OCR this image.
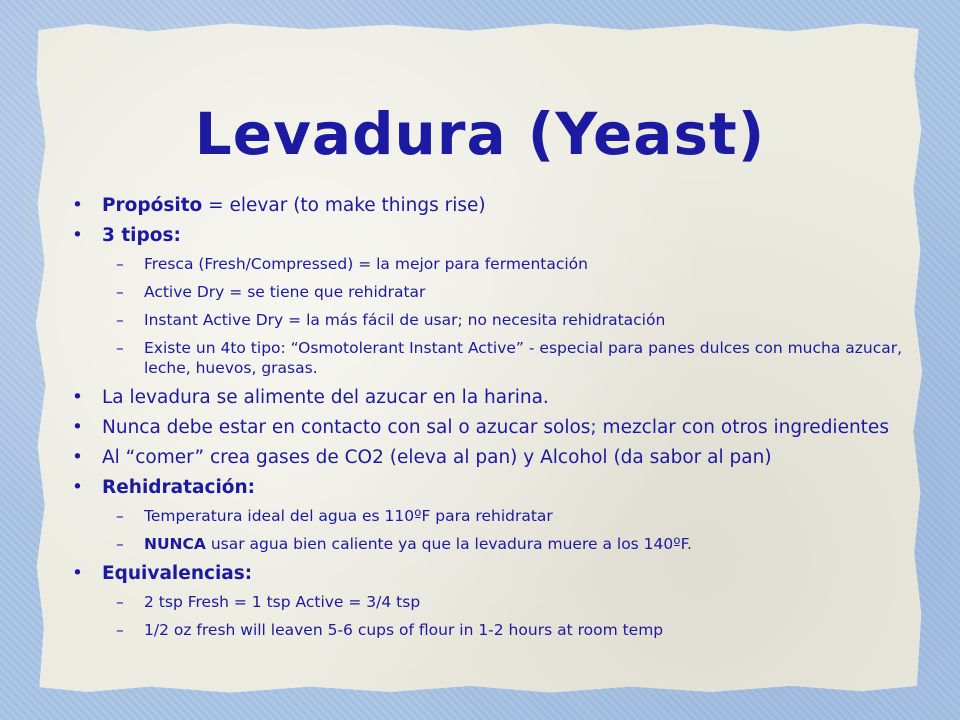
Levadura (Yeast)
• Propósito = elevar (to make things rise)
• 3 tipos:
– Fresca (Fresh/Compressed) = la mejor para fermentación
– Active Dry = se tiene que rehidratar
– Instant Active Dry = la más fácil de usar; no necesita rehidratación
– Existe un 4to tipo: “Osmotolerant Instant Active” - especial para panes dulces con mucha azucar, leche, huevos, grasas.
• La levadura se alimente del azucar en la harina.
• Nunca debe estar en contacto con sal o azucar solos; mezclar con otros ingredientes
• Al “comer” crea gases de CO2 (eleva al pan) y Alcohol (da sabor al pan)
• Rehidratación:
– Temperatura ideal del agua es 110ºF para rehidratar
– NUNCA usar agua bien caliente ya que la levadura muere a los 140ºF.
• Equivalencias:
– 2 tsp Fresh = 1 tsp Active = 3/4 tsp
– 1/2 oz fresh will leaven 5-6 cups of flour in 1-2 hours at room temp
